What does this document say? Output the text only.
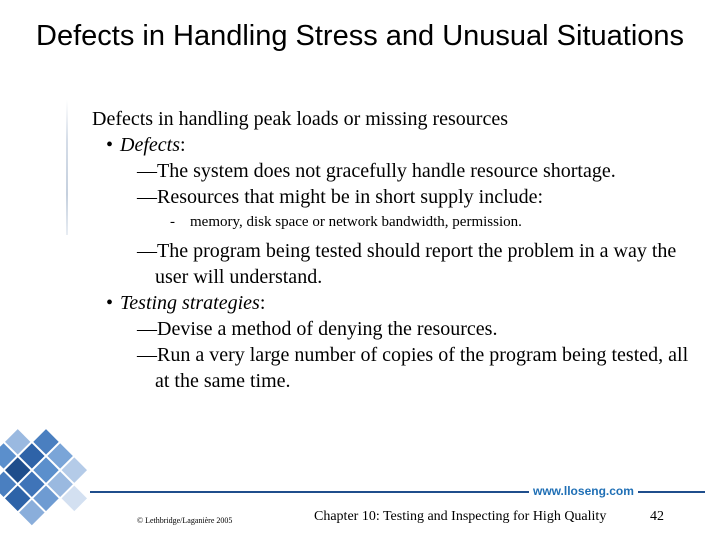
Defects in Handling Stress and Unusual Situations

Defects in handling peak loads or missing resources

• Defects:

—The system does not gracefully handle resource shortage.

—Resources that might be in short supply include:

- memory, disk space or network bandwidth, permission.

—The program being tested should report the problem in a way the user will understand.

• Testing strategies:

—Devise a method of denying the resources.

—Run a very large number of copies of the program being tested, all at the same time.

www.lloseng.com
© Lethbridge/Laganière 2005	Chapter 10: Testing and Inspecting for High Quality	42
